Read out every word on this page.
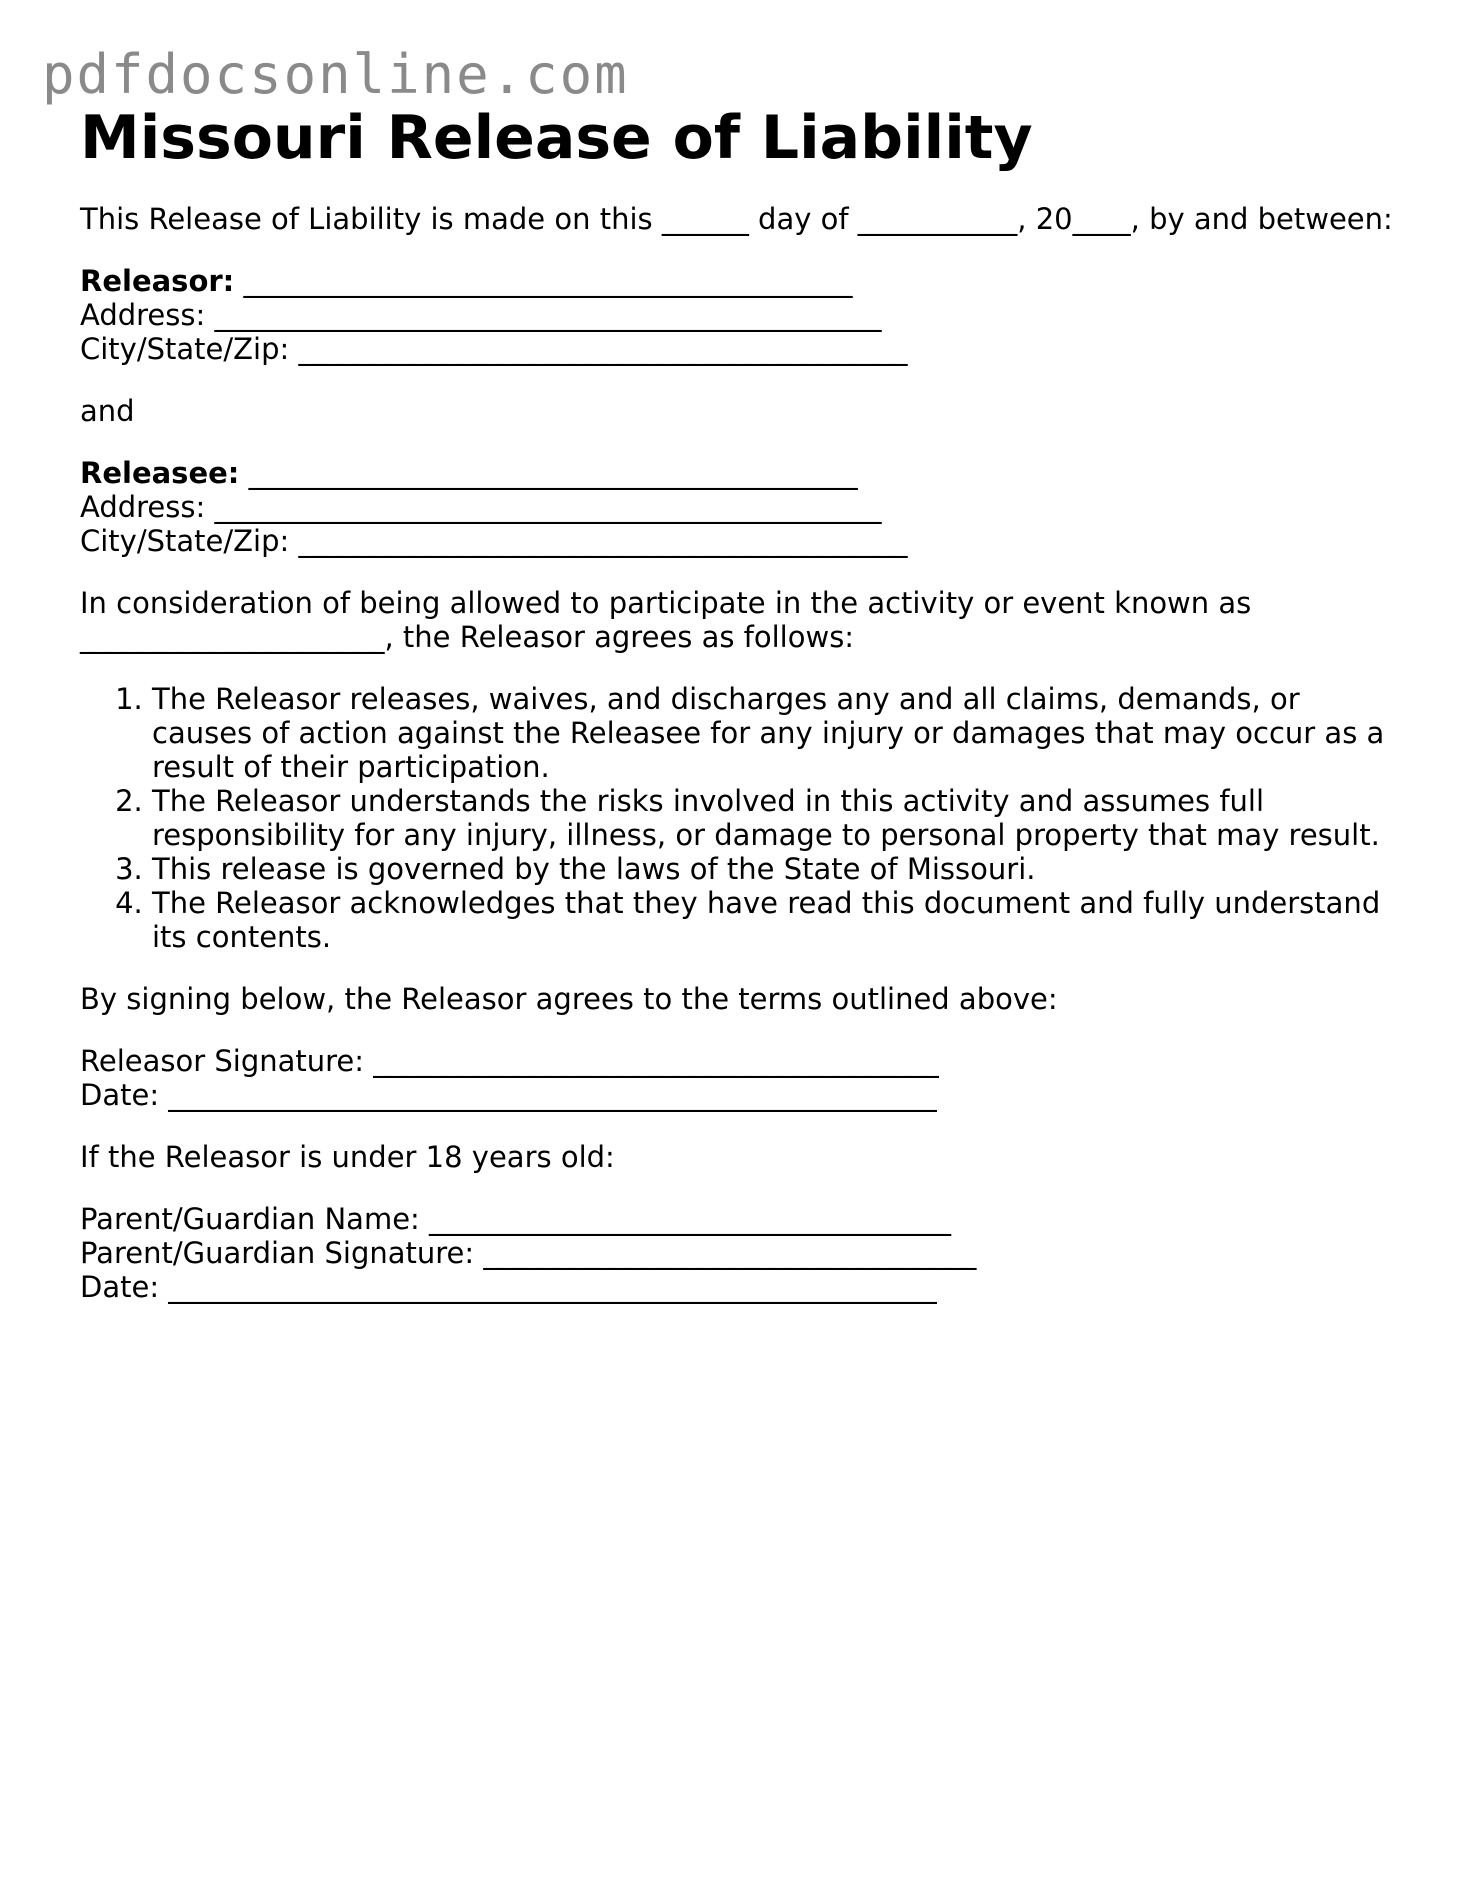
pdfdocsonline.com
Missouri Release of Liability
This Release of Liability is made on this ______ day of ___________, 20____, by and between:
Releasor: __________________________________________
Address: ______________________________________________
City/State/Zip: __________________________________________
and
Releasee: __________________________________________
Address: ______________________________________________
City/State/Zip: __________________________________________
In consideration of being allowed to participate in the activity or event known as
_____________________, the Releasor agrees as follows:
1. The Releasor releases, waives, and discharges any and all claims, demands, or causes of action against the Releasee for any injury or damages that may occur as a result of their participation.
2. The Releasor understands the risks involved in this activity and assumes full responsibility for any injury, illness, or damage to personal property that may result.
3. This release is governed by the laws of the State of Missouri.
4. The Releasor acknowledges that they have read this document and fully understand its contents.
By signing below, the Releasor agrees to the terms outlined above:
Releasor Signature: _______________________________________
Date: _____________________________________________________
If the Releasor is under 18 years old:
Parent/Guardian Name: ____________________________________
Parent/Guardian Signature: __________________________________
Date: _____________________________________________________
